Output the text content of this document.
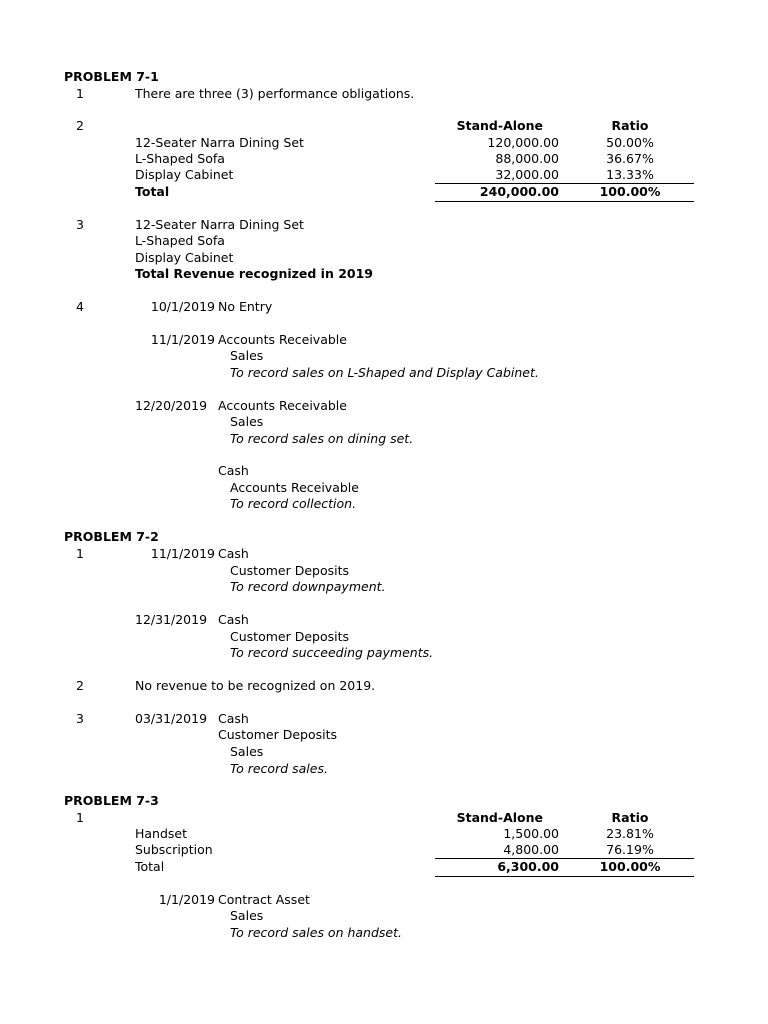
PROBLEM 7-1
1	There are three (3) performance obligations.
2	Stand-Alone	Ratio
12-Seater Narra Dining Set	120,000.00	50.00%
L-Shaped Sofa	88,000.00	36.67%
Display Cabinet	32,000.00	13.33%
Total	240,000.00	100.00%
3	12-Seater Narra Dining Set
L-Shaped Sofa
Display Cabinet
Total Revenue recognized in 2019
4	10/1/2019 No Entry
11/1/2019 Accounts Receivable
Sales
To record sales on L-Shaped and Display Cabinet.
12/20/2019 Accounts Receivable
Sales
To record sales on dining set.
Cash
Accounts Receivable
To record collection.
PROBLEM 7-2
1	11/1/2019 Cash
Customer Deposits
To record downpayment.
12/31/2019 Cash
Customer Deposits
To record succeeding payments.
2	No revenue to be recognized on 2019.
3	03/31/2019 Cash
Customer Deposits
Sales
To record sales.
PROBLEM 7-3
1	Stand-Alone	Ratio
Handset	1,500.00	23.81%
Subscription	4,800.00	76.19%
Total	6,300.00	100.00%
1/1/2019 Contract Asset
Sales
To record sales on handset.
